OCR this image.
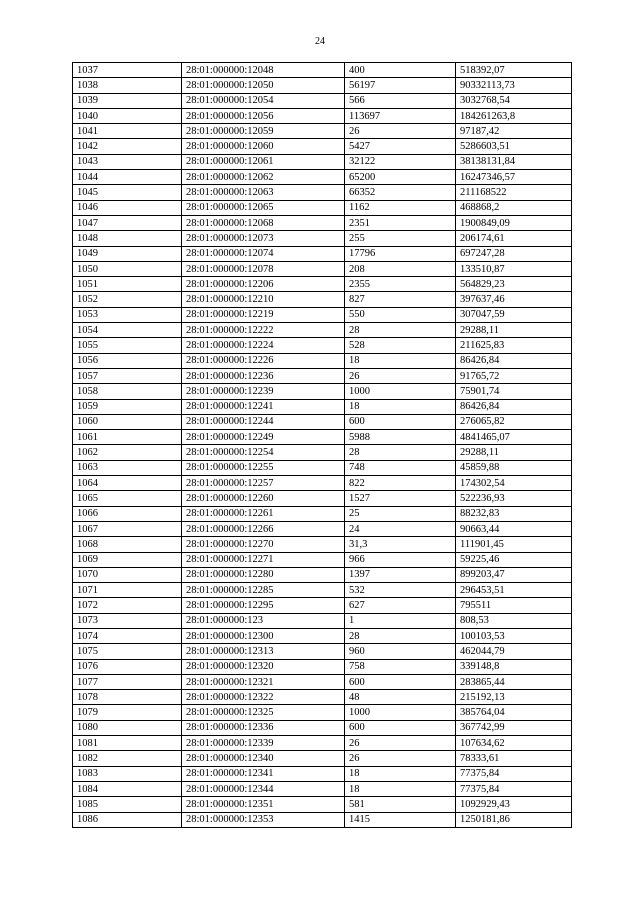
24
1037	28:01:000000:12048	400	518392,07
1038	28:01:000000:12050	56197	90332113,73
1039	28:01:000000:12054	566	3032768,54
1040	28:01:000000:12056	113697	184261263,8
1041	28:01:000000:12059	26	97187,42
1042	28:01:000000:12060	5427	5286603,51
1043	28:01:000000:12061	32122	38138131,84
1044	28:01:000000:12062	65200	16247346,57
1045	28:01:000000:12063	66352	211168522
1046	28:01:000000:12065	1162	468868,2
1047	28:01:000000:12068	2351	1900849,09
1048	28:01:000000:12073	255	206174,61
1049	28:01:000000:12074	17796	697247,28
1050	28:01:000000:12078	208	133510,87
1051	28:01:000000:12206	2355	564829,23
1052	28:01:000000:12210	827	397637,46
1053	28:01:000000:12219	550	307047,59
1054	28:01:000000:12222	28	29288,11
1055	28:01:000000:12224	528	211625,83
1056	28:01:000000:12226	18	86426,84
1057	28:01:000000:12236	26	91765,72
1058	28:01:000000:12239	1000	75901,74
1059	28:01:000000:12241	18	86426,84
1060	28:01:000000:12244	600	276065,82
1061	28:01:000000:12249	5988	4841465,07
1062	28:01:000000:12254	28	29288,11
1063	28:01:000000:12255	748	45859,88
1064	28:01:000000:12257	822	174302,54
1065	28:01:000000:12260	1527	522236,93
1066	28:01:000000:12261	25	88232,83
1067	28:01:000000:12266	24	90663,44
1068	28:01:000000:12270	31,3	111901,45
1069	28:01:000000:12271	966	59225,46
1070	28:01:000000:12280	1397	899203,47
1071	28:01:000000:12285	532	296453,51
1072	28:01:000000:12295	627	795511
1073	28:01:000000:123	1	808,53
1074	28:01:000000:12300	28	100103,53
1075	28:01:000000:12313	960	462044,79
1076	28:01:000000:12320	758	339148,8
1077	28:01:000000:12321	600	283865,44
1078	28:01:000000:12322	48	215192,13
1079	28:01:000000:12325	1000	385764,04
1080	28:01:000000:12336	600	367742,99
1081	28:01:000000:12339	26	107634,62
1082	28:01:000000:12340	26	78333,61
1083	28:01:000000:12341	18	77375,84
1084	28:01:000000:12344	18	77375,84
1085	28:01:000000:12351	581	1092929,43
1086	28:01:000000:12353	1415	1250181,86
